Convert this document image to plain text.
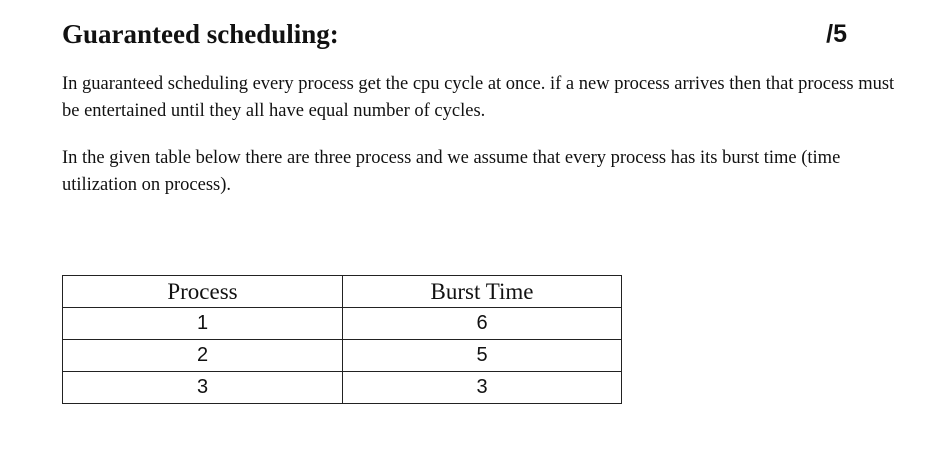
Guaranteed scheduling:	/5

In guaranteed scheduling every process get the cpu cycle at once. if a new process arrives then that process must be entertained until they all have equal number of cycles.

In the given table below there are three process and we assume that every process has its burst time (time utilization on process).

Process	Burst Time
1	6
2	5
3	3
